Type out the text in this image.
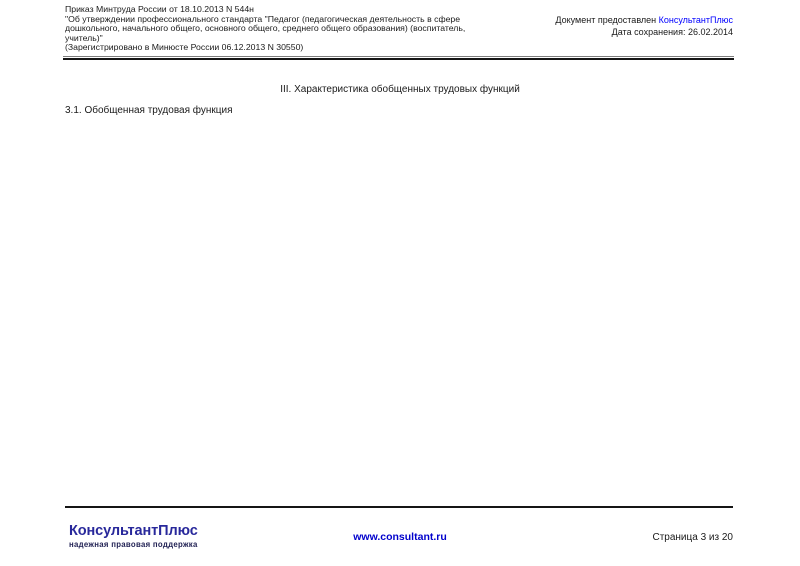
Приказ Минтруда России от 18.10.2013 N 544н
"Об утверждении профессионального стандарта "Педагог (педагогическая деятельность в сфере
дошкольного, начального общего, основного общего, среднего общего образования) (воспитатель,
учитель)"
(Зарегистрировано в Минюсте России 06.12.2013 N 30550)
Документ предоставлен КонсультантПлюс
Дата сохранения: 26.02.2014
III. Характеристика обобщенных трудовых функций
3.1. Обобщенная трудовая функция
КонсультантПлюс
надежная правовая поддержка
www.consultant.ru	Страница 3 из 20
